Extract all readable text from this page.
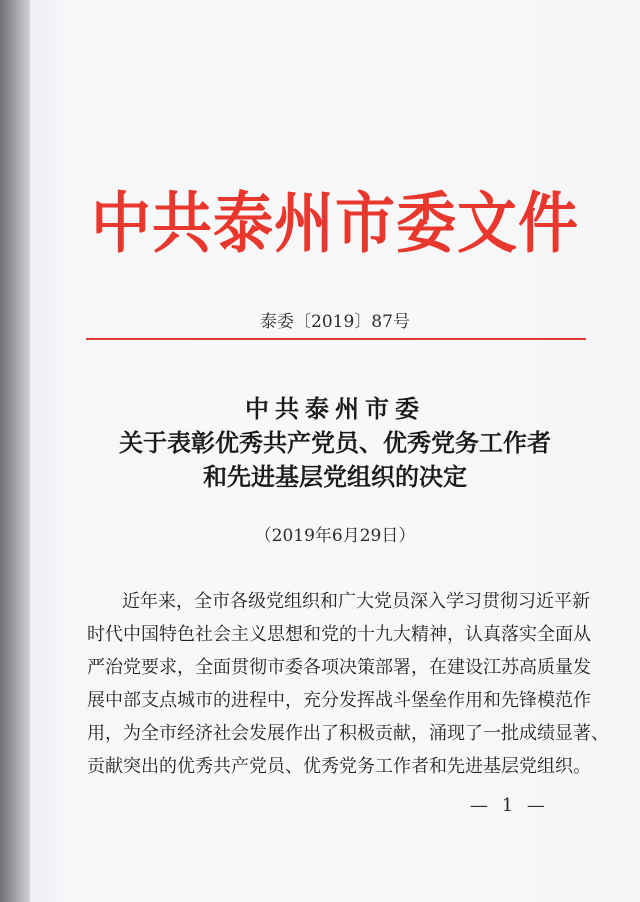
中共泰州市委文件
泰委〔2019〕87号
中共泰州市委
关于表彰优秀共产党员、优秀党务工作者
和先进基层党组织的决定
（2019年6月29日）
近年来，全市各级党组织和广大党员深入学习贯彻习近平新
时代中国特色社会主义思想和党的十九大精神，认真落实全面从
严治党要求，全面贯彻市委各项决策部署，在建设江苏高质量发
展中部支点城市的进程中，充分发挥战斗堡垒作用和先锋模范作
用，为全市经济社会发展作出了积极贡献，涌现了一批成绩显著、
贡献突出的优秀共产党员、优秀党务工作者和先进基层党组织。
— 1 —
